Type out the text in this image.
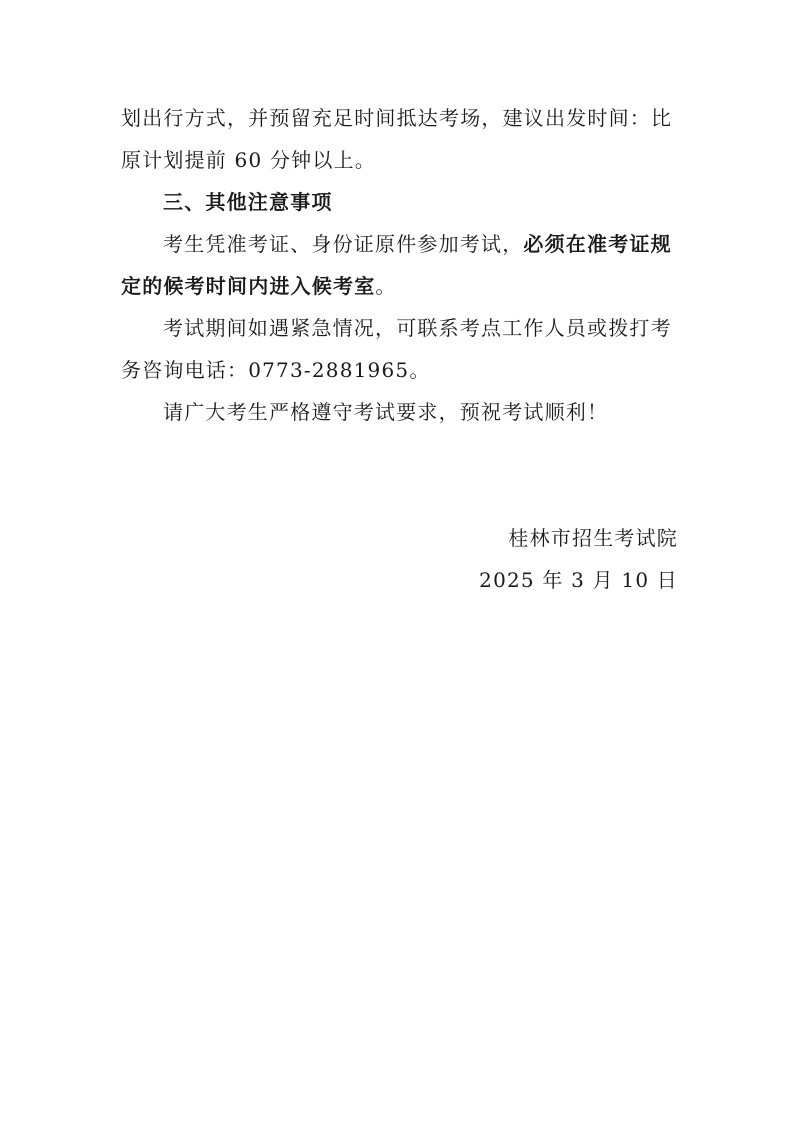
划出行方式，并预留充足时间抵达考场，建议出发时间：比
原计划提前 60 分钟以上。
三、其他注意事项
考生凭准考证、身份证原件参加考试，必须在准考证规
定的候考时间内进入候考室。
考试期间如遇紧急情况，可联系考点工作人员或拨打考
务咨询电话：0773-2881965。
请广大考生严格遵守考试要求，预祝考试顺利！
桂林市招生考试院
2025 年 3 月 10 日
